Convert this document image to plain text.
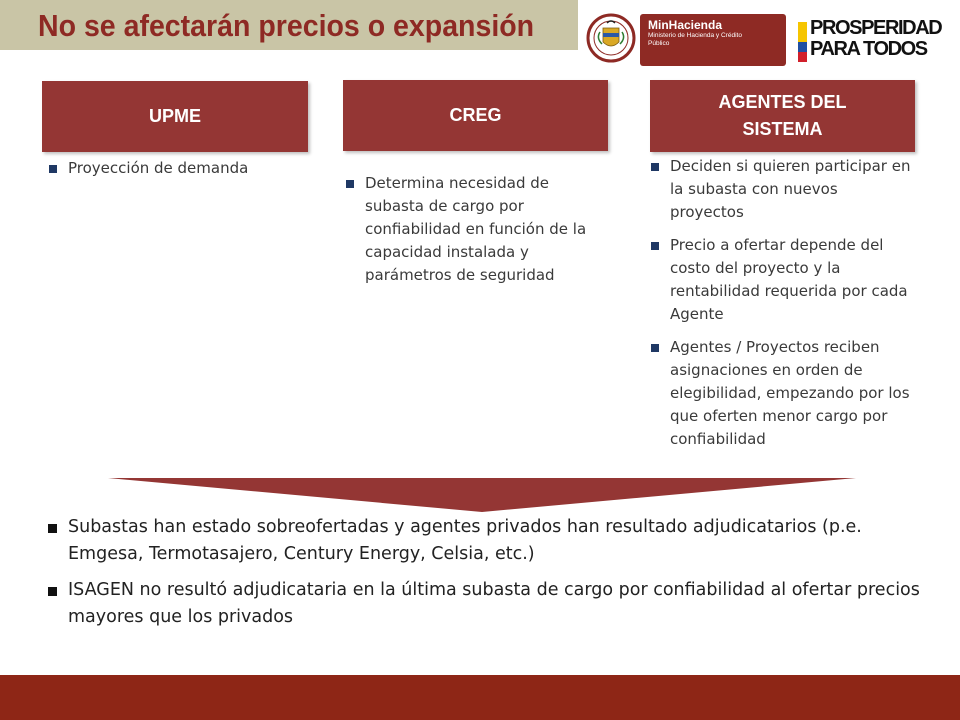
No se afectarán precios o expansión	MinHacienda
Ministerio de Hacienda y Crédito Público
PROSPERIDAD
PARA TODOS
UPME	CREG
AGENTES DEL SISTEMA
Proyección de demanda
Determina necesidad de subasta de cargo por confiabilidad en función de la capacidad instalada y parámetros de seguridad
Deciden si quieren participar en la subasta con nuevos proyectos
Precio a ofertar depende del costo del proyecto y la rentabilidad requerida por cada Agente
Agentes / Proyectos reciben asignaciones en orden de elegibilidad, empezando por los que oferten menor cargo por confiabilidad
Subastas han estado sobreofertadas y agentes privados han resultado adjudicatarios (p.e. Emgesa, Termotasajero, Century Energy, Celsia, etc.)
ISAGEN no resultó adjudicataria en la última subasta de cargo por confiabilidad al ofertar precios mayores que los privados
